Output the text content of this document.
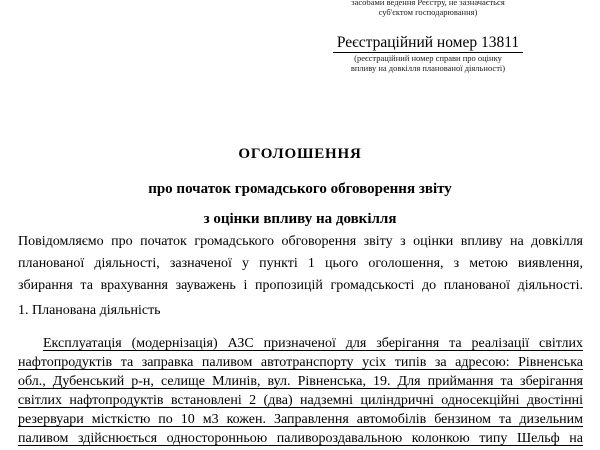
засобами ведення Реєстру, не зазначається
суб'єктом господарювання)
Реєстраційний номер 13811
(реєстраційний номер справи про оцінку
впливу на довкілля планованої діяльності)
ОГОЛОШЕННЯ
про початок громадського обговорення звіту
з оцінки впливу на довкілля
Повідомляємо про початок громадського обговорення звіту з оцінки впливу на довкілля
планованої діяльності, зазначеної у пункті 1 цього оголошення, з метою виявлення,
збирання та врахування зауважень і пропозицій громадськості до планованої діяльності.
1. Планована діяльність
Експлуатація (модернізація) АЗС призначеної для зберігання та реалізації світлих
нафтопродуктів та заправка паливом автотранспорту усіх типів за адресою: Рівненська
обл., Дубенський р-н, селище Млинів, вул. Рівненська, 19. Для приймання та зберігання
світлих нафтопродуктів встановлені 2 (два) надземні циліндричні односекційні двостінні
резервуари місткістю по 10 м3 кожен. Заправлення автомобілів бензином та дизельним
паливом здійснюється односторонньою паливороздавальною колонкою типу Шельф на
